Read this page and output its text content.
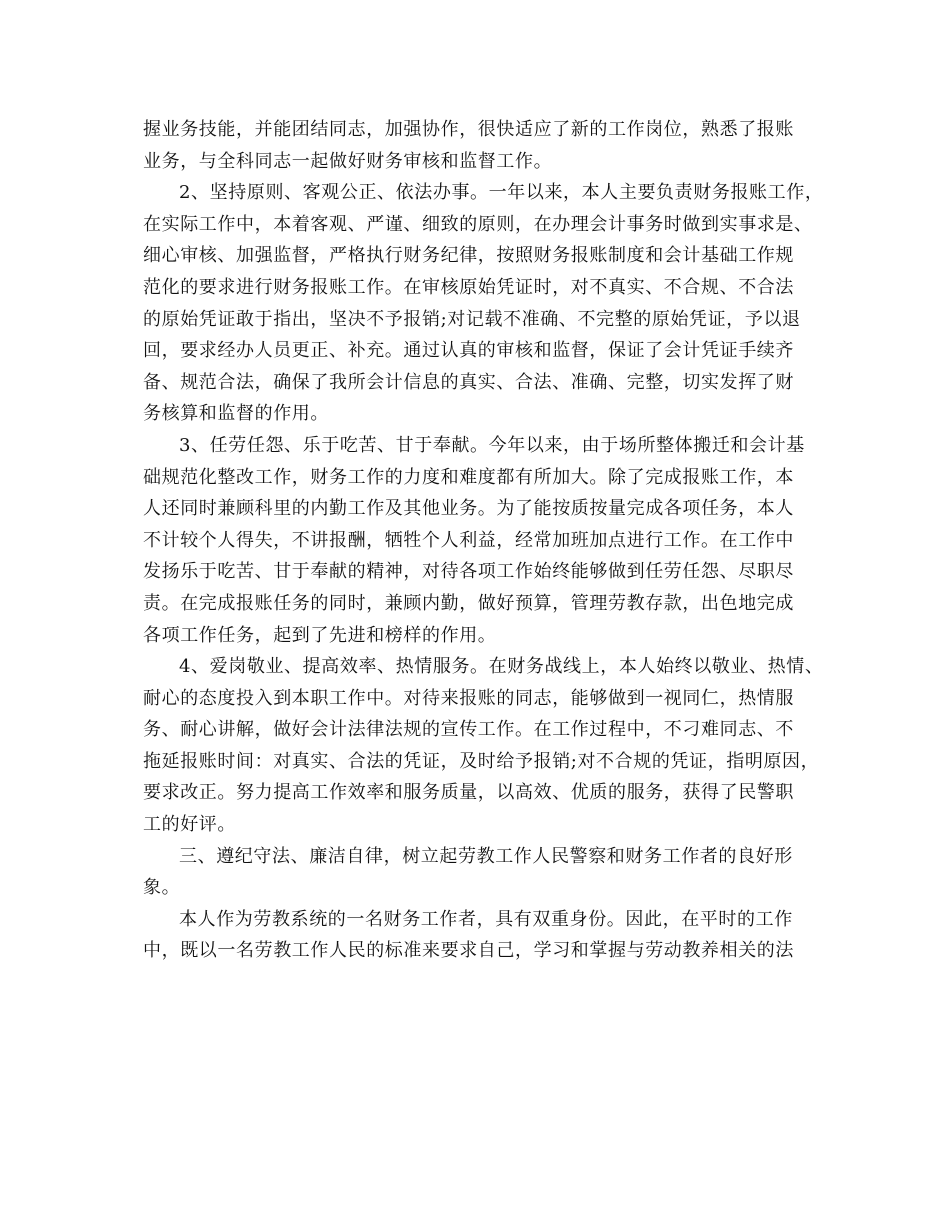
握业务技能，并能团结同志，加强协作，很快适应了新的工作岗位，熟悉了报账
业务，与全科同志一起做好财务审核和监督工作。
2、坚持原则、客观公正、依法办事。一年以来，本人主要负责财务报账工作，
在实际工作中，本着客观、严谨、细致的原则，在办理会计事务时做到实事求是、
细心审核、加强监督，严格执行财务纪律，按照财务报账制度和会计基础工作规
范化的要求进行财务报账工作。在审核原始凭证时，对不真实、不合规、不合法
的原始凭证敢于指出，坚决不予报销;对记载不准确、不完整的原始凭证，予以退
回，要求经办人员更正、补充。通过认真的审核和监督，保证了会计凭证手续齐
备、规范合法，确保了我所会计信息的真实、合法、准确、完整，切实发挥了财
务核算和监督的作用。
3、任劳任怨、乐于吃苦、甘于奉献。今年以来，由于场所整体搬迁和会计基
础规范化整改工作，财务工作的力度和难度都有所加大。除了完成报账工作，本
人还同时兼顾科里的内勤工作及其他业务。为了能按质按量完成各项任务，本人
不计较个人得失，不讲报酬，牺牲个人利益，经常加班加点进行工作。在工作中
发扬乐于吃苦、甘于奉献的精神，对待各项工作始终能够做到任劳任怨、尽职尽
责。在完成报账任务的同时，兼顾内勤，做好预算，管理劳教存款，出色地完成
各项工作任务，起到了先进和榜样的作用。
4、爱岗敬业、提高效率、热情服务。在财务战线上，本人始终以敬业、热情、
耐心的态度投入到本职工作中。对待来报账的同志，能够做到一视同仁，热情服
务、耐心讲解，做好会计法律法规的宣传工作。在工作过程中，不刁难同志、不
拖延报账时间：对真实、合法的凭证，及时给予报销;对不合规的凭证，指明原因，
要求改正。努力提高工作效率和服务质量，以高效、优质的服务，获得了民警职
工的好评。
三、遵纪守法、廉洁自律，树立起劳教工作人民警察和财务工作者的良好形
象。
本人作为劳教系统的一名财务工作者，具有双重身份。因此，在平时的工作
中，既以一名劳教工作人民的标准来要求自己，学习和掌握与劳动教养相关的法
